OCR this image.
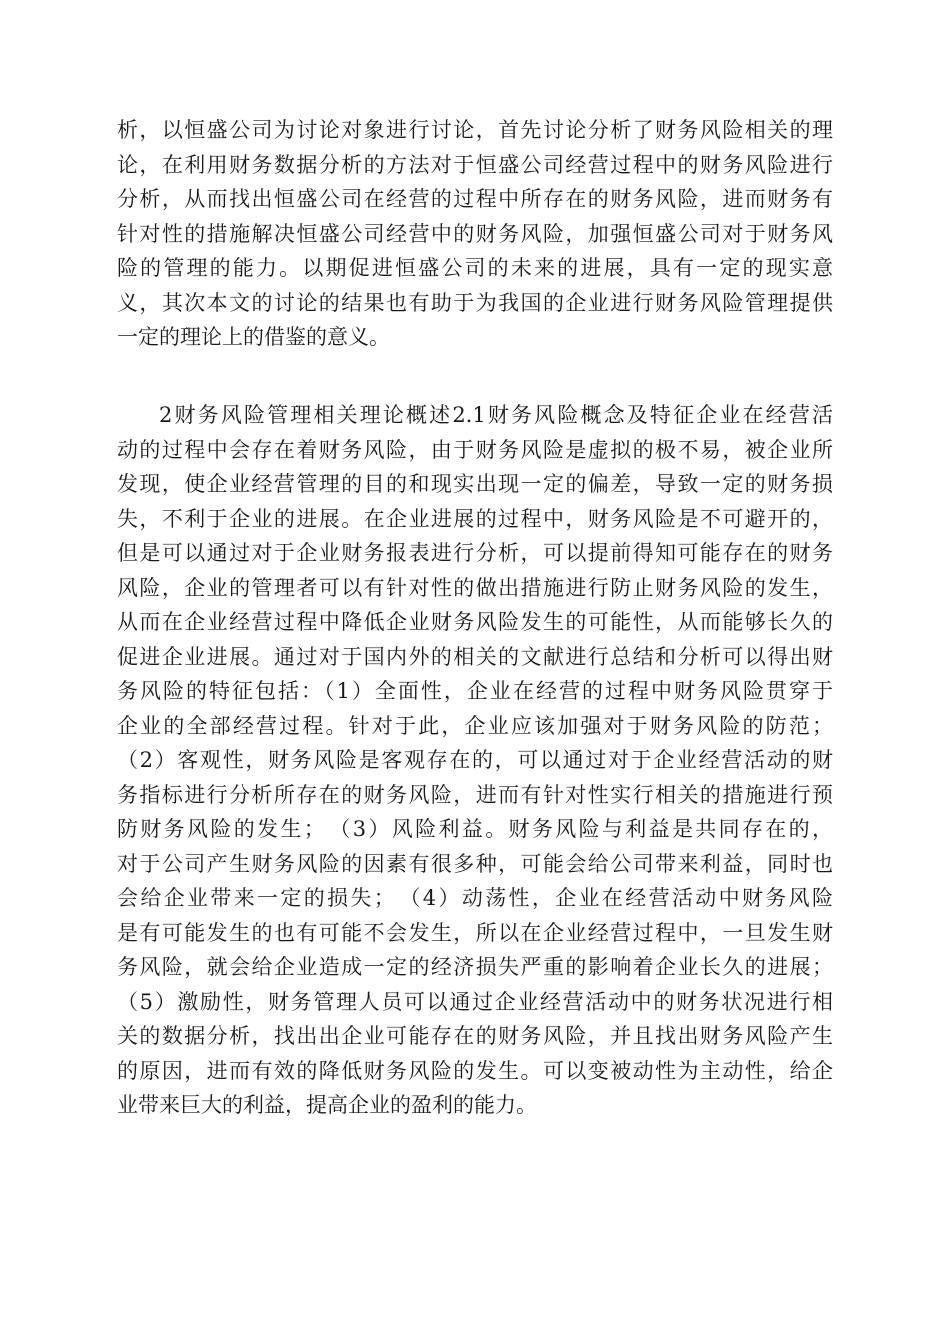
析，以恒盛公司为讨论对象进行讨论，首先讨论分析了财务风险相关的理
论，在利用财务数据分析的方法对于恒盛公司经营过程中的财务风险进行
分析，从而找出恒盛公司在经营的过程中所存在的财务风险，进而财务有
针对性的措施解决恒盛公司经营中的财务风险，加强恒盛公司对于财务风
险的管理的能力。以期促进恒盛公司的未来的进展，具有一定的现实意
义，其次本文的讨论的结果也有助于为我国的企业进行财务风险管理提供
一定的理论上的借鉴的意义。
2财务风险管理相关理论概述2.1财务风险概念及特征企业在经营活
动的过程中会存在着财务风险，由于财务风险是虚拟的极不易，被企业所
发现，使企业经营管理的目的和现实出现一定的偏差，导致一定的财务损
失，不利于企业的进展。在企业进展的过程中，财务风险是不可避开的，
但是可以通过对于企业财务报表进行分析，可以提前得知可能存在的财务
风险，企业的管理者可以有针对性的做出措施进行防止财务风险的发生，
从而在企业经营过程中降低企业财务风险发生的可能性，从而能够长久的
促进企业进展。通过对于国内外的相关的文献进行总结和分析可以得出财
务风险的特征包括：（1）全面性，企业在经营的过程中财务风险贯穿于
企业的全部经营过程。针对于此，企业应该加强对于财务风险的防范；
（2）客观性，财务风险是客观存在的，可以通过对于企业经营活动的财
务指标进行分析所存在的财务风险，进而有针对性实行相关的措施进行预
防财务风险的发生；　（3）风险利益。财务风险与利益是共同存在的，
对于公司产生财务风险的因素有很多种，可能会给公司带来利益，同时也
会给企业带来一定的损失；　（4）动荡性，企业在经营活动中财务风险
是有可能发生的也有可能不会发生，所以在企业经营过程中，一旦发生财
务风险，就会给企业造成一定的经济损失严重的影响着企业长久的进展；
（5）激励性，财务管理人员可以通过企业经营活动中的财务状况进行相
关的数据分析，找出出企业可能存在的财务风险，并且找出财务风险产生
的原因，进而有效的降低财务风险的发生。可以变被动性为主动性，给企
业带来巨大的利益，提高企业的盈利的能力。
